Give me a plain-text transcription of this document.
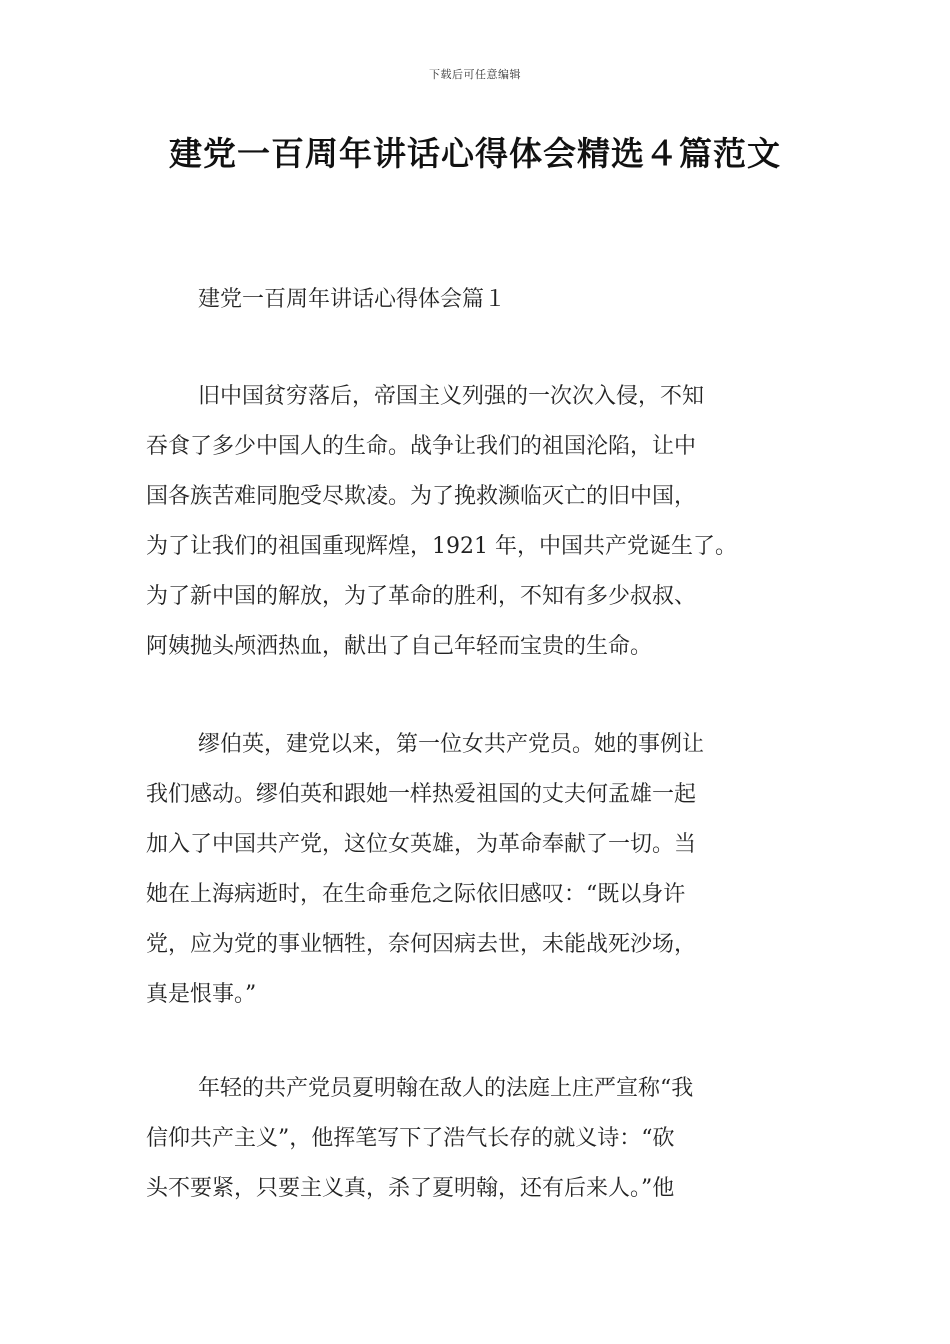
下载后可任意编辑
建党一百周年讲话心得体会精选４篇范文
建党一百周年讲话心得体会篇１

旧中国贫穷落后，帝国主义列强的一次次入侵，不知
吞食了多少中国人的生命。战争让我们的祖国沦陷，让中
国各族苦难同胞受尽欺凌。为了挽救濒临灭亡的旧中国，
为了让我们的祖国重现辉煌，1921 年，中国共产党诞生了。
为了新中国的解放，为了革命的胜利，不知有多少叔叔、
阿姨抛头颅洒热血，献出了自己年轻而宝贵的生命。

缪伯英，建党以来，第一位女共产党员。她的事例让
我们感动。缪伯英和跟她一样热爱祖国的丈夫何孟雄一起
加入了中国共产党，这位女英雄，为革命奉献了一切。当
她在上海病逝时，在生命垂危之际依旧感叹：“既以身许
党，应为党的事业牺牲，奈何因病去世，未能战死沙场，
真是恨事。”

年轻的共产党员夏明翰在敌人的法庭上庄严宣称“我
信仰共产主义”，他挥笔写下了浩气长存的就义诗：“砍
头不要紧，只要主义真，杀了夏明翰，还有后来人。”他
